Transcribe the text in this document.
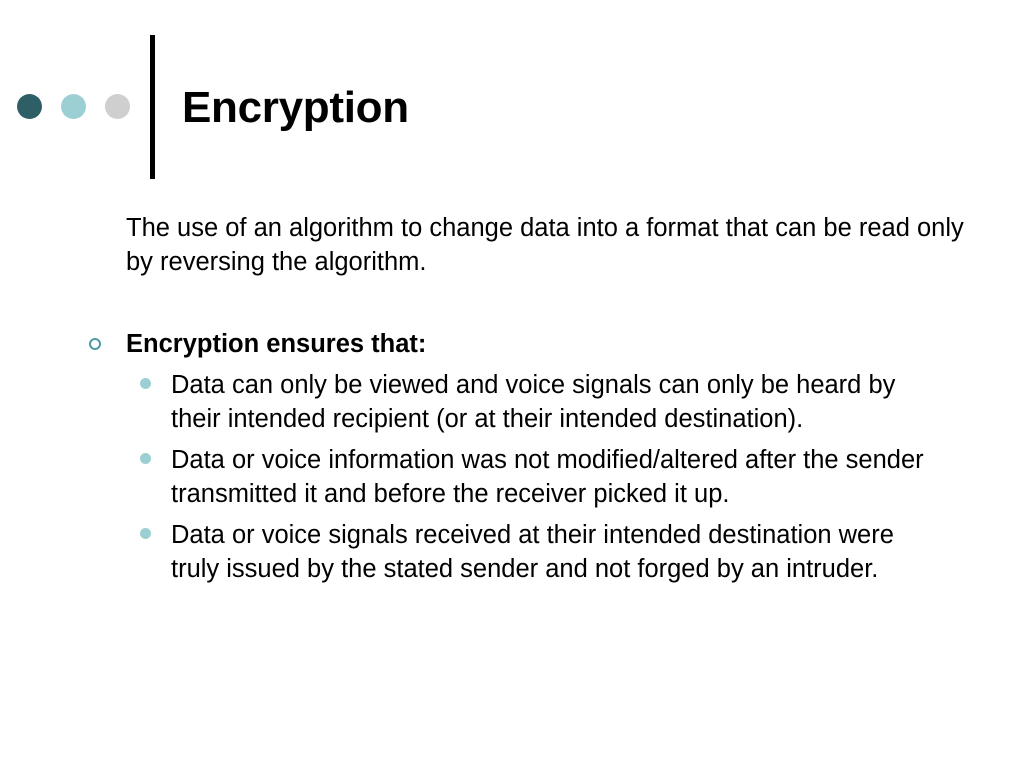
Encryption

The use of an algorithm to change data into a format that can be read only by reversing the algorithm.

Encryption ensures that:
Data can only be viewed and voice signals can only be heard by their intended recipient (or at their intended destination).
Data or voice information was not modified/altered after the sender transmitted it and before the receiver picked it up.
Data or voice signals received at their intended destination were truly issued by the stated sender and not forged by an intruder.
